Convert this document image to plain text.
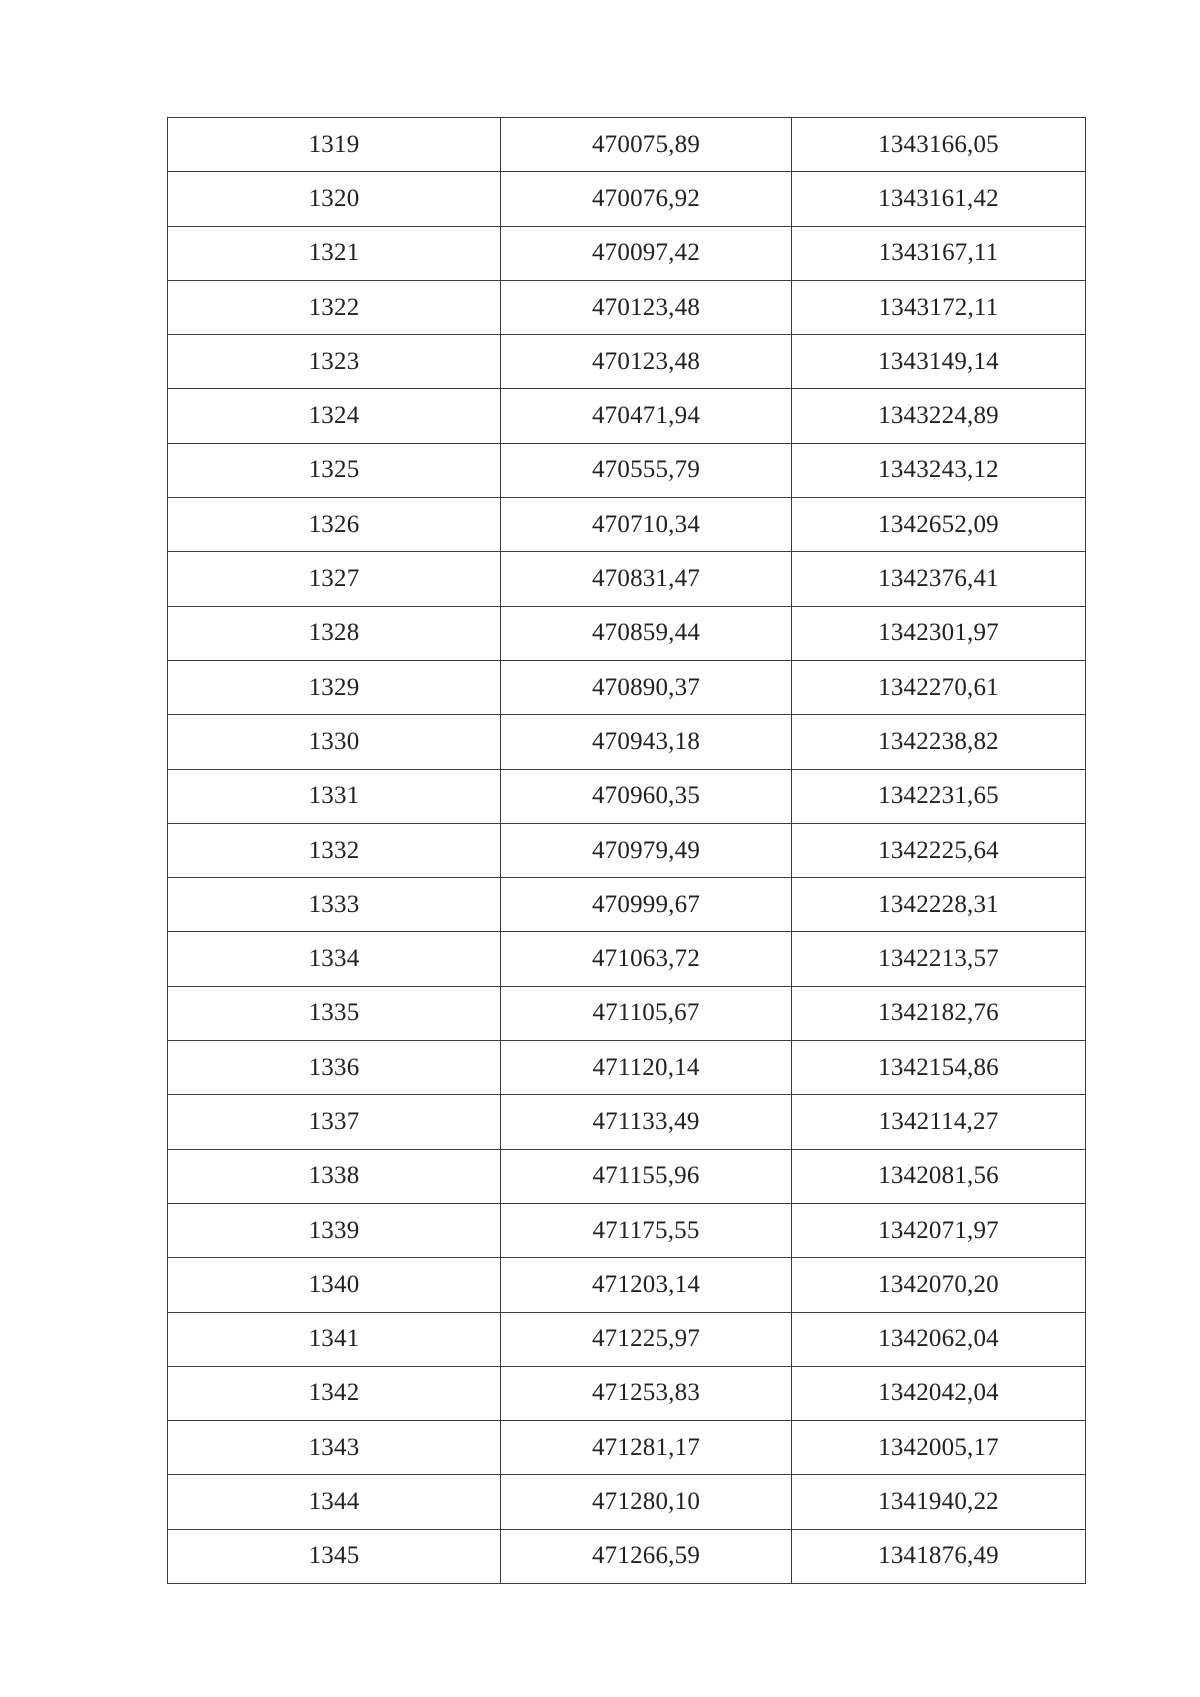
1319	470075,89	1343166,05
1320	470076,92	1343161,42
1321	470097,42	1343167,11
1322	470123,48	1343172,11
1323	470123,48	1343149,14
1324	470471,94	1343224,89
1325	470555,79	1343243,12
1326	470710,34	1342652,09
1327	470831,47	1342376,41
1328	470859,44	1342301,97
1329	470890,37	1342270,61
1330	470943,18	1342238,82
1331	470960,35	1342231,65
1332	470979,49	1342225,64
1333	470999,67	1342228,31
1334	471063,72	1342213,57
1335	471105,67	1342182,76
1336	471120,14	1342154,86
1337	471133,49	1342114,27
1338	471155,96	1342081,56
1339	471175,55	1342071,97
1340	471203,14	1342070,20
1341	471225,97	1342062,04
1342	471253,83	1342042,04
1343	471281,17	1342005,17
1344	471280,10	1341940,22
1345	471266,59	1341876,49
